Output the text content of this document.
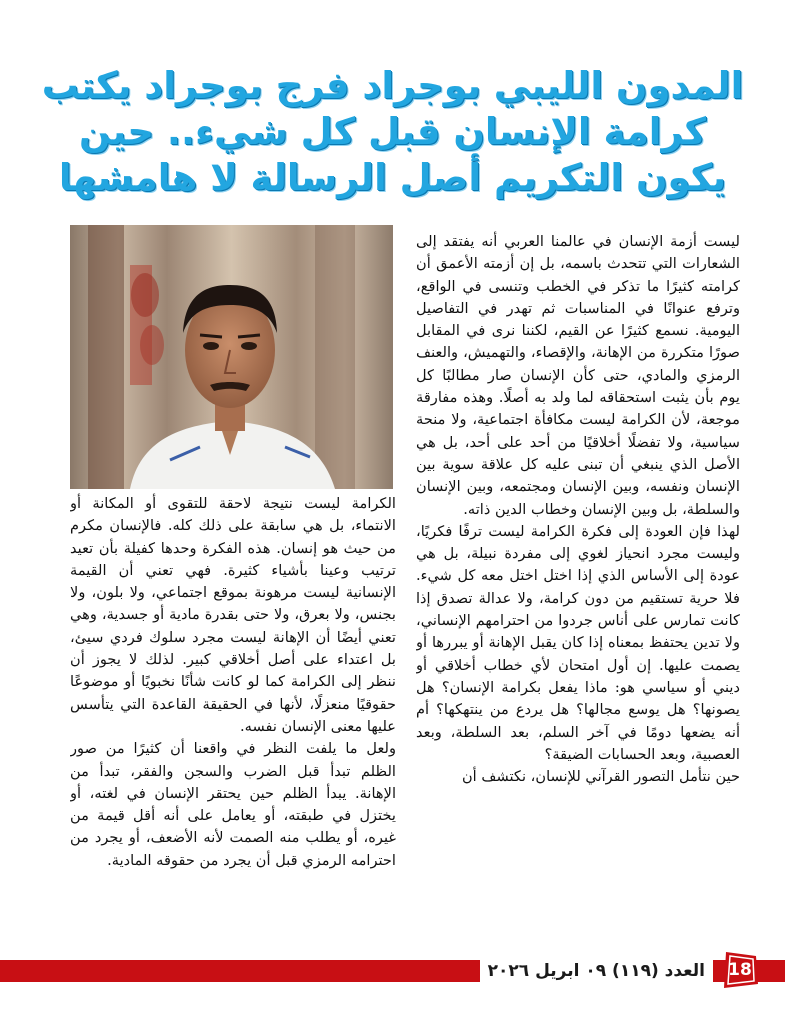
المدون الليبي بوجراد فرج بوجراد يكتب كرامة الإنسان قبل كل شيء.. حين يكون التكريم أصل الرسالة لا هامشها

ليست أزمة الإنسان في عالمنا العربي أنه يفتقد إلى الشعارات التي تتحدث باسمه، بل إن أزمته الأعمق أن كرامته كثيرًا ما تذكر في الخطب وتنسى في الواقع، وترفع عنوانًا في المناسبات ثم تهدر في التفاصيل اليومية. نسمع كثيرًا عن القيم، لكننا نرى في المقابل صورًا متكررة من الإهانة، والإقصاء، والتهميش، والعنف الرمزي والمادي، حتى كأن الإنسان صار مطالبًا كل يوم بأن يثبت استحقاقه لما ولد به أصلًا. وهذه مفارقة موجعة، لأن الكرامة ليست مكافأة اجتماعية، ولا منحة سياسية، ولا تفضلًا أخلاقيًا من أحد على أحد، بل هي الأصل الذي ينبغي أن تبنى عليه كل علاقة سوية بين الإنسان ونفسه، وبين الإنسان ومجتمعه، وبين الإنسان والسلطة، بل وبين الإنسان وخطاب الدين ذاته.

لهذا فإن العودة إلى فكرة الكرامة ليست ترفًا فكريًا، وليست مجرد انحياز لغوي إلى مفردة نبيلة، بل هي عودة إلى الأساس الذي إذا اختل اختل معه كل شيء. فلا حرية تستقيم من دون كرامة، ولا عدالة تصدق إذا كانت تمارس على أناس جردوا من احترامهم الإنساني، ولا تدين يحتفظ بمعناه إذا كان يقبل الإهانة أو يبررها أو يصمت عليها. إن أول امتحان لأي خطاب أخلاقي أو ديني أو سياسي هو: ماذا يفعل بكرامة الإنسان؟ هل يصونها؟ هل يوسع مجالها؟ هل يردع من ينتهكها؟ أم أنه يضعها دومًا في آخر السلم، بعد السلطة، وبعد العصبية، وبعد الحسابات الضيقة؟

حين نتأمل التصور القرآني للإنسان، نكتشف أن

الكرامة ليست نتيجة لاحقة للتقوى أو المكانة أو الانتماء، بل هي سابقة على ذلك كله. فالإنسان مكرم من حيث هو إنسان. هذه الفكرة وحدها كفيلة بأن تعيد ترتيب وعينا بأشياء كثيرة. فهي تعني أن القيمة الإنسانية ليست مرهونة بموقع اجتماعي، ولا بلون، ولا بجنس، ولا بعرق، ولا حتى بقدرة مادية أو جسدية، وهي تعني أيضًا أن الإهانة ليست مجرد سلوك فردي سيئ، بل اعتداء على أصل أخلاقي كبير. لذلك لا يجوز أن ننظر إلى الكرامة كما لو كانت شأنًا نخبويًا أو موضوعًا حقوقيًا منعزلًا، لأنها في الحقيقة القاعدة التي يتأسس عليها معنى الإنسان نفسه.

ولعل ما يلفت النظر في واقعنا أن كثيرًا من صور الظلم تبدأ قبل الضرب والسجن والفقر، تبدأ من الإهانة. يبدأ الظلم حين يحتقر الإنسان في لغته، أو يختزل في طبقته، أو يعامل على أنه أقل قيمة من غيره، أو يطلب منه الصمت لأنه الأضعف، أو يجرد من احترامه الرمزي قبل أن يجرد من حقوقه المادية.

العدد (١١٩) ٠٩ ابريل ٢٠٢٦	18
